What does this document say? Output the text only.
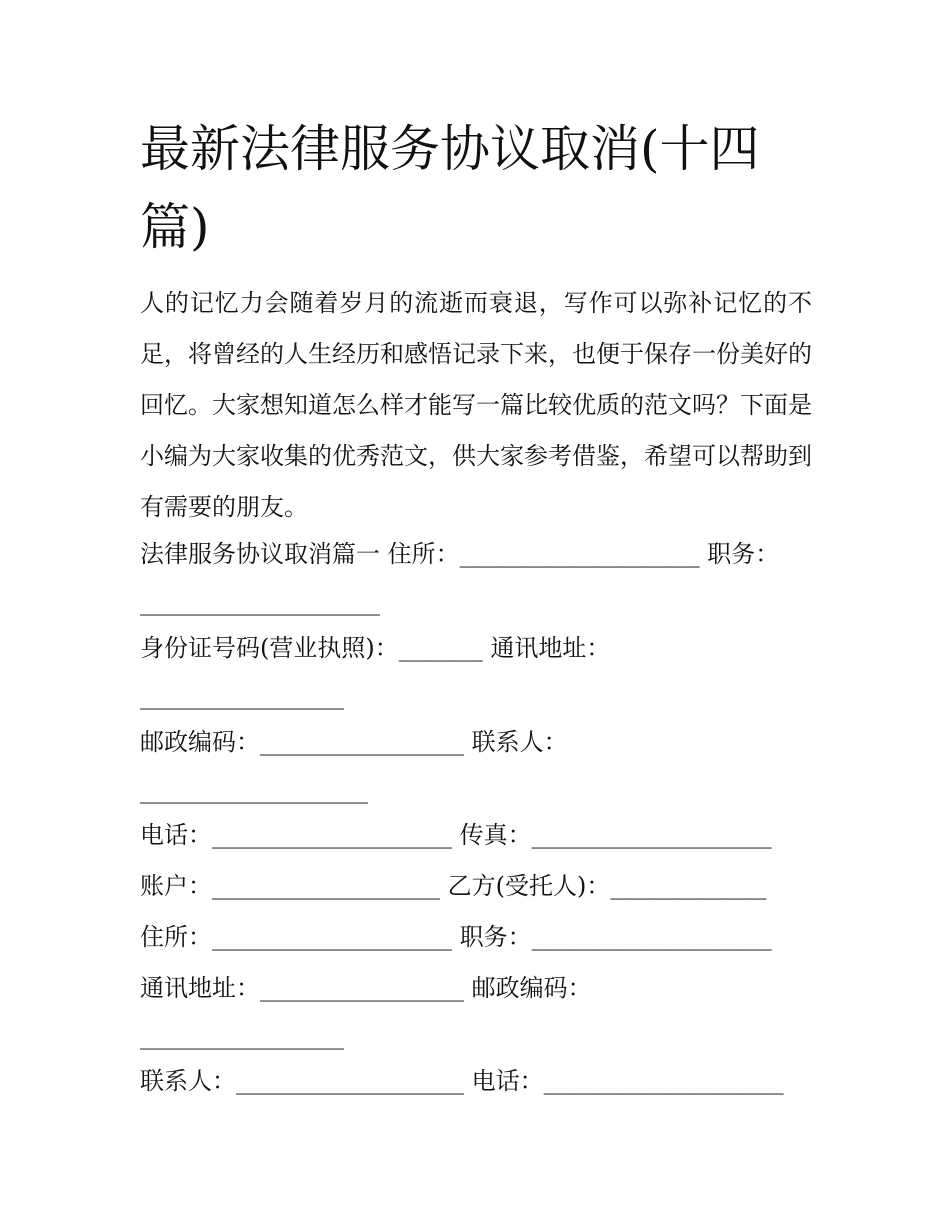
最新法律服务协议取消(十四篇)

人的记忆力会随着岁月的流逝而衰退，写作可以弥补记忆的不足，将曾经的人生经历和感悟记录下来，也便于保存一份美好的回忆。大家想知道怎么样才能写一篇比较优质的范文吗？下面是小编为大家收集的优秀范文，供大家参考借鉴，希望可以帮助到有需要的朋友。

法律服务协议取消篇一 住所：____________________ 职务：

____________________

身份证号码(营业执照)：_______ 通讯地址：

_________________

邮政编码：_________________ 联系人：

___________________

电话：____________________ 传真：____________________

账户：___________________ 乙方(受托人)：_____________

住所：____________________ 职务：____________________

通讯地址：_________________ 邮政编码：

_________________

联系人：___________________ 电话：____________________
